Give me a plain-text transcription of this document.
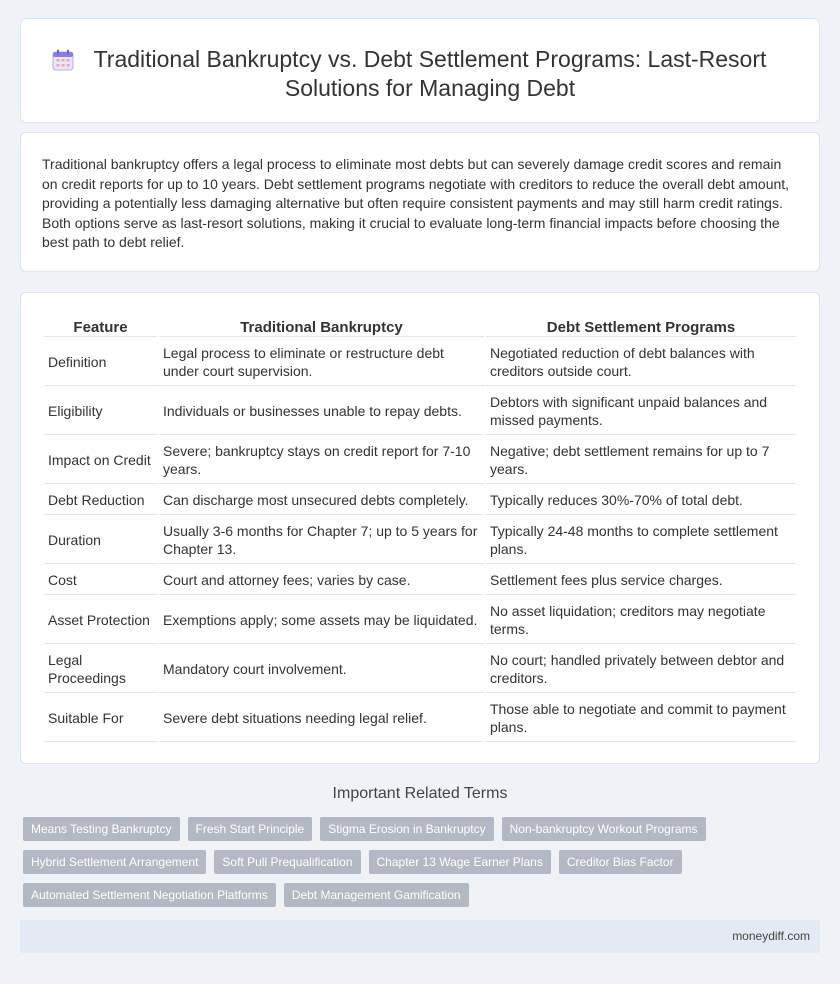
Traditional Bankruptcy vs. Debt Settlement Programs: Last-Resort Solutions for Managing Debt

Traditional bankruptcy offers a legal process to eliminate most debts but can severely damage credit scores and remain on credit reports for up to 10 years. Debt settlement programs negotiate with creditors to reduce the overall debt amount, providing a potentially less damaging alternative but often require consistent payments and may still harm credit ratings. Both options serve as last-resort solutions, making it crucial to evaluate long-term financial impacts before choosing the best path to debt relief.

Feature	Traditional Bankruptcy	Debt Settlement Programs
Definition	Legal process to eliminate or restructure debt under court supervision.	Negotiated reduction of debt balances with creditors outside court.
Eligibility	Individuals or businesses unable to repay debts.	Debtors with significant unpaid balances and missed payments.
Impact on Credit	Severe; bankruptcy stays on credit report for 7-10 years.	Negative; debt settlement remains for up to 7 years.
Debt Reduction	Can discharge most unsecured debts completely.	Typically reduces 30%-70% of total debt.
Duration	Usually 3-6 months for Chapter 7; up to 5 years for Chapter 13.	Typically 24-48 months to complete settlement plans.
Cost	Court and attorney fees; varies by case.	Settlement fees plus service charges.
Asset Protection	Exemptions apply; some assets may be liquidated.	No asset liquidation; creditors may negotiate terms.
Legal Proceedings	Mandatory court involvement.	No court; handled privately between debtor and creditors.
Suitable For	Severe debt situations needing legal relief.	Those able to negotiate and commit to payment plans.
Important Related Terms
Means Testing Bankruptcy	Fresh Start Principle	Stigma Erosion in Bankruptcy	Non-bankruptcy Workout Programs
Hybrid Settlement Arrangement	Soft Pull Prequalification	Chapter 13 Wage Earner Plans	Creditor Bias Factor
Automated Settlement Negotiation Platforms	Debt Management Gamification
moneydiff.com
